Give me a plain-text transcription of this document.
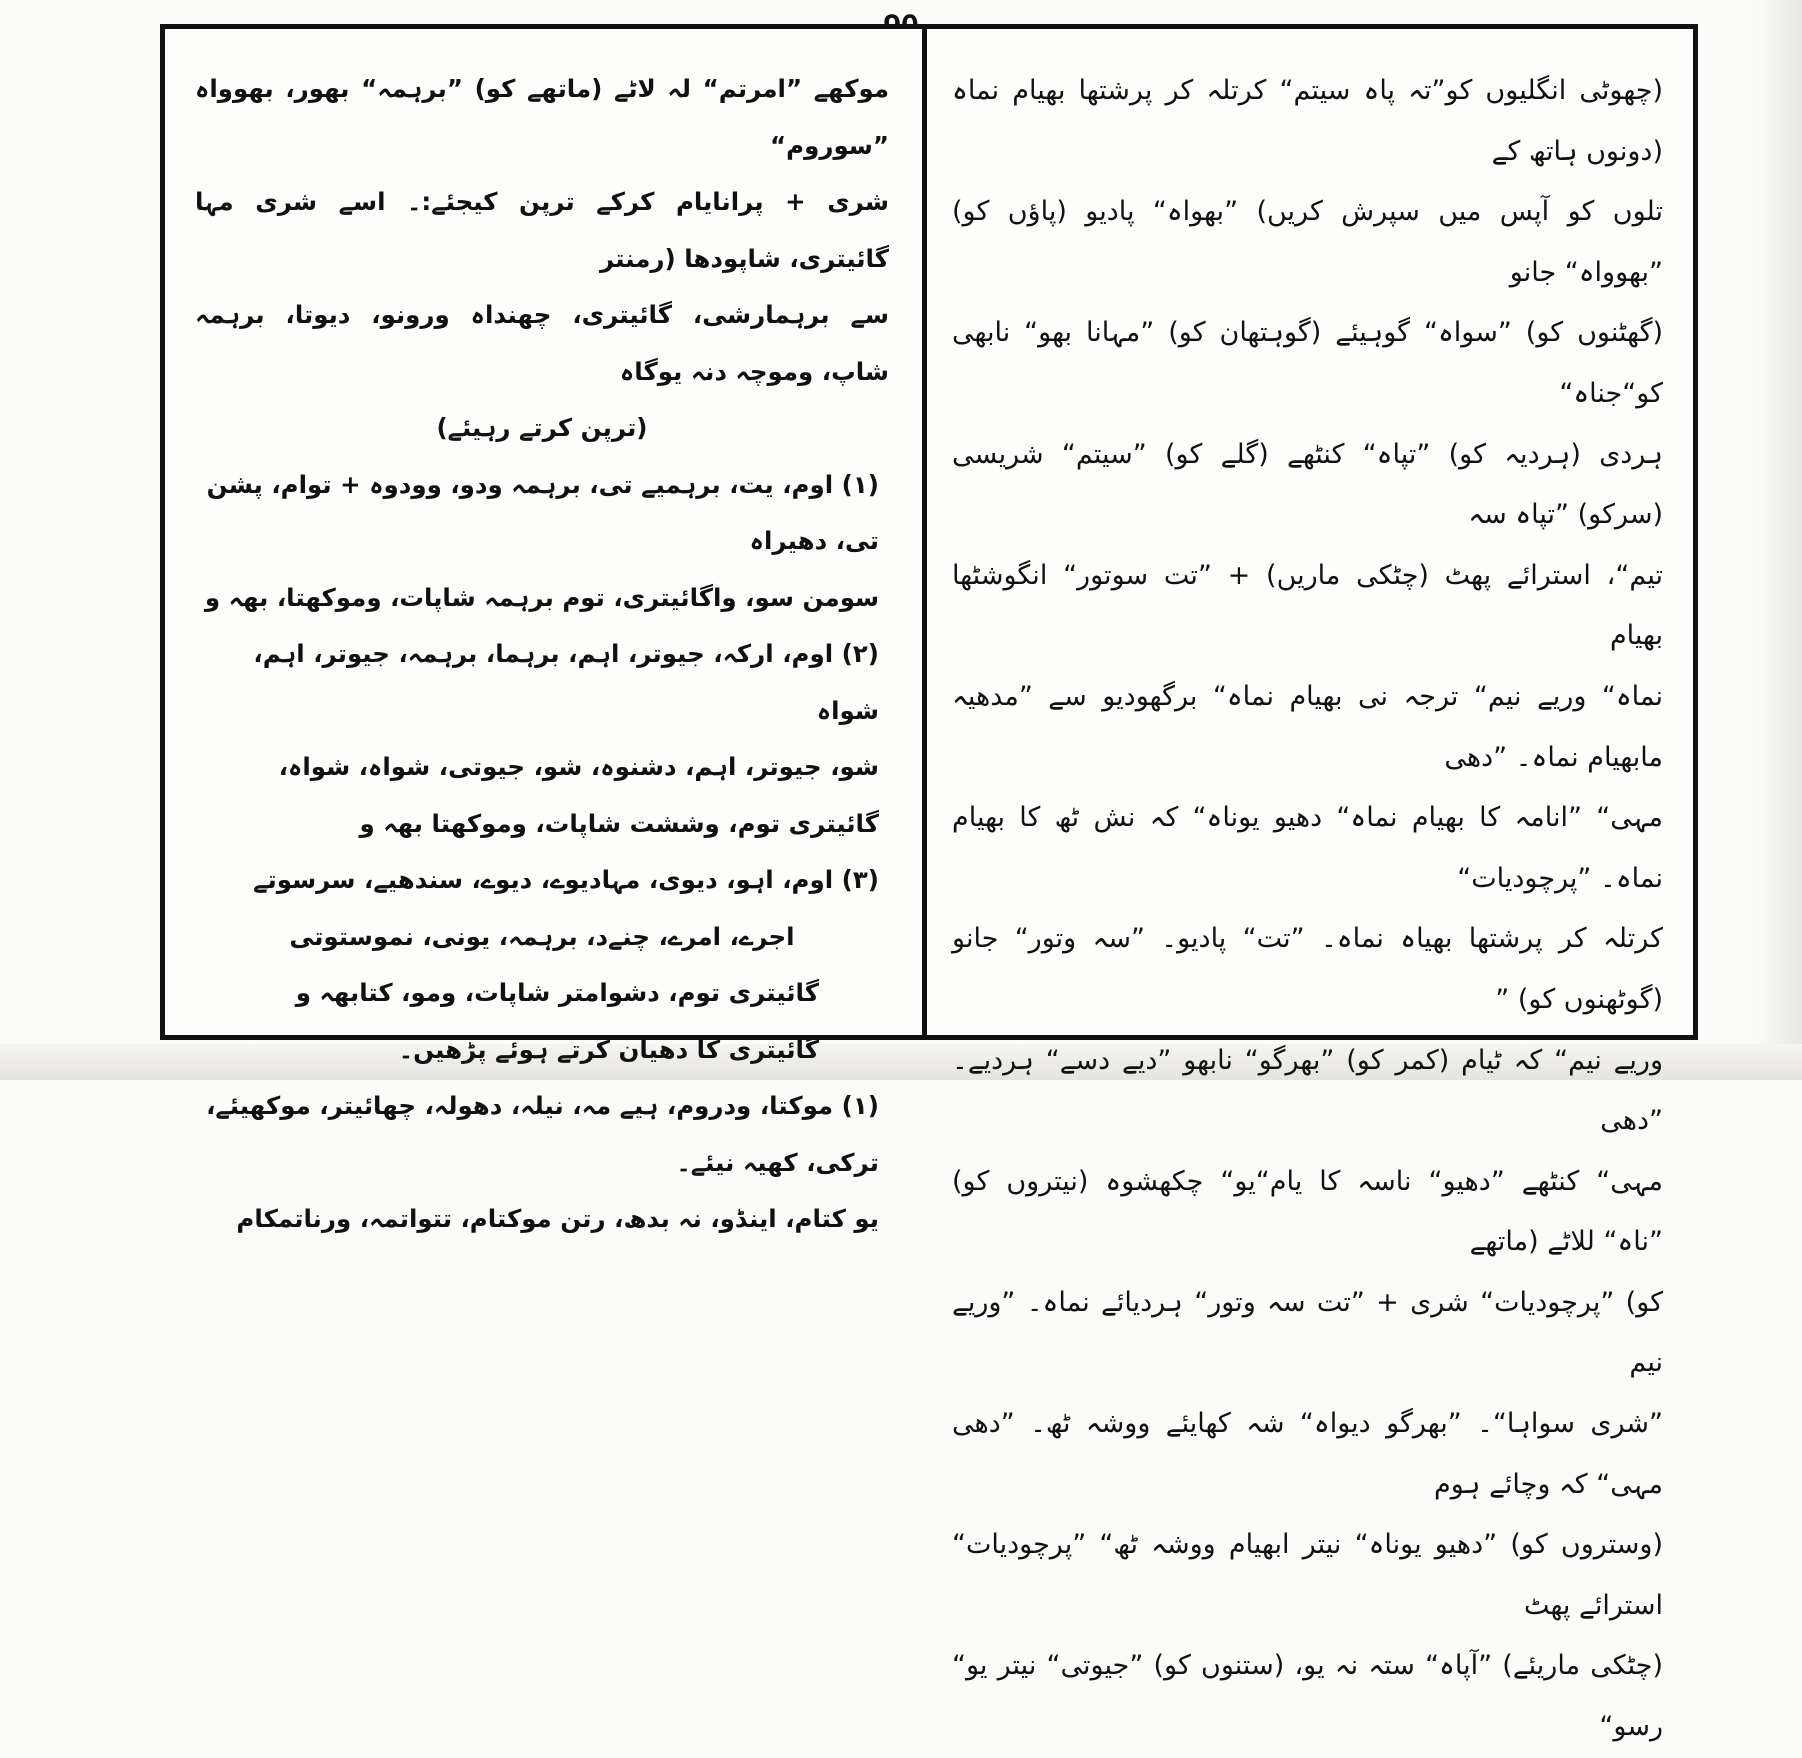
(چھوٹی انگلیوں کو”تہ پاہ سیتم“ کرتلہ کر پرشتھا بھیام نماہ (دونوں ہاتھ کے

تلوں کو آپس میں سپرش کریں) ”بھواہ“ پادیو (پاؤں کو) ”بھوواہ“ جانو

(گھٹنوں کو) ”سواہ“ گوہیئے (گوہتھان کو) ”مہانا بھو“ نابھی کو“جناہ“

ہردی (ہردیہ کو) ”تپاہ“ کنٹھے (گلے کو) ”سیتم“ شریسی (سرکو) ”تپاہ سہ

تیم“، استرائے پھٹ (چٹکی ماریں) + ”تت سوتور“ انگوشٹھا بھیام

نماہ“ وریے نیم“ ترجہ نی بھیام نماہ“ برگھودیو سے ”مدھیہ مابھیام نماہ۔ ”دھی

مہی“ ”انامہ کا بھیام نماہ“ دھیو یوناہ“ کہ نش ٹھ کا بھیام نماہ۔ ”پرچودیات“

کرتلہ کر پرشتھا بھیاہ نماہ۔ ”تت“ پادیو۔ ”سہ وتور“ جانو (گوٹھنوں کو) ”

وریے نیم“ کہ ٹیام (کمر کو) ”بھرگو“ نابھو ”دیے دسے“ ہردیے۔ ”دھی

مہی“ کنٹھے ”دھیو“ ناسہ کا یام“یو“ چکھشوہ (نیتروں کو) ”ناہ“ للاٹے (ماتھے

کو) ”پرچودیات“ شری + ”تت سہ وتور“ ہردیائے نماہ۔ ”وریے نیم

”شری سواہا“۔ ”بھرگو دیواہ“ شہ کھایئے ووشہ ٹھ۔ ”دھی مہی“ کہ وچائے ہوم

(وستروں کو) ”دھیو یوناہ“ نیتر ابھیام ووشہ ٹھ“ ”پرچودیات“ استرائے پھٹ

(چٹکی ماریئے) ”آپاہ“ ستہ نہ یو، (ستنوں کو) ”جیوتی“ نیتر یو“ رسو“

موکھے ”امرتم“ لہ لاٹے (ماتھے کو) ”برہمہ“ بھور، بھوواہ ”سوروم“

شری + پرانایام کرکے ترپن کیجئے:۔ اسے شری مہا گائیتری، شاپودھا (رمنتر

سے برہمارشی، گائیتری، چھنداہ ورونو، دیوتا، برہمہ شاپ، وموچہ دنہ یوگاہ

(ترپن کرتے رہیئے)

(۱) اوم، یت، برہمیے تی، برہمہ ودو، وودوہ + توام، پشن تی، دھیراہ

سومن سو، واگائیتری، توم برہمہ شاپات، وموکھتا، بھہ و

(۲) اوم، ارکہ، جیوتر، اہم، برہما، برہمہ، جیوتر، اہم، شواہ

شو، جیوتر، اہم، دشنوہ، شو، جیوتی، شواہ، شواہ، گائیتری توم، وششت شاپات، وموکھتا بھہ و

(۳) اوم، اہو، دیوی، مہادیوے، دیوے، سندھیے، سرسوتے

اجرے، امرے، چنےد، برہمہ، یونی، نموستوتی

گائیتری توم، دشوامتر شاپات، ومو، کتابھہ و

گائیتری کا دھیان کرتے ہوئے پڑھیں۔

(۱) موکتا، ودروم، ہیے مہ، نیلہ، دھولہ، چھائیتر، موکھیئے، ترکی، کھیہ نیئے۔

یو کتام، اینڈو، نہ بدھ، رتن موکتام، تتواتمہ، ورناتمکام
